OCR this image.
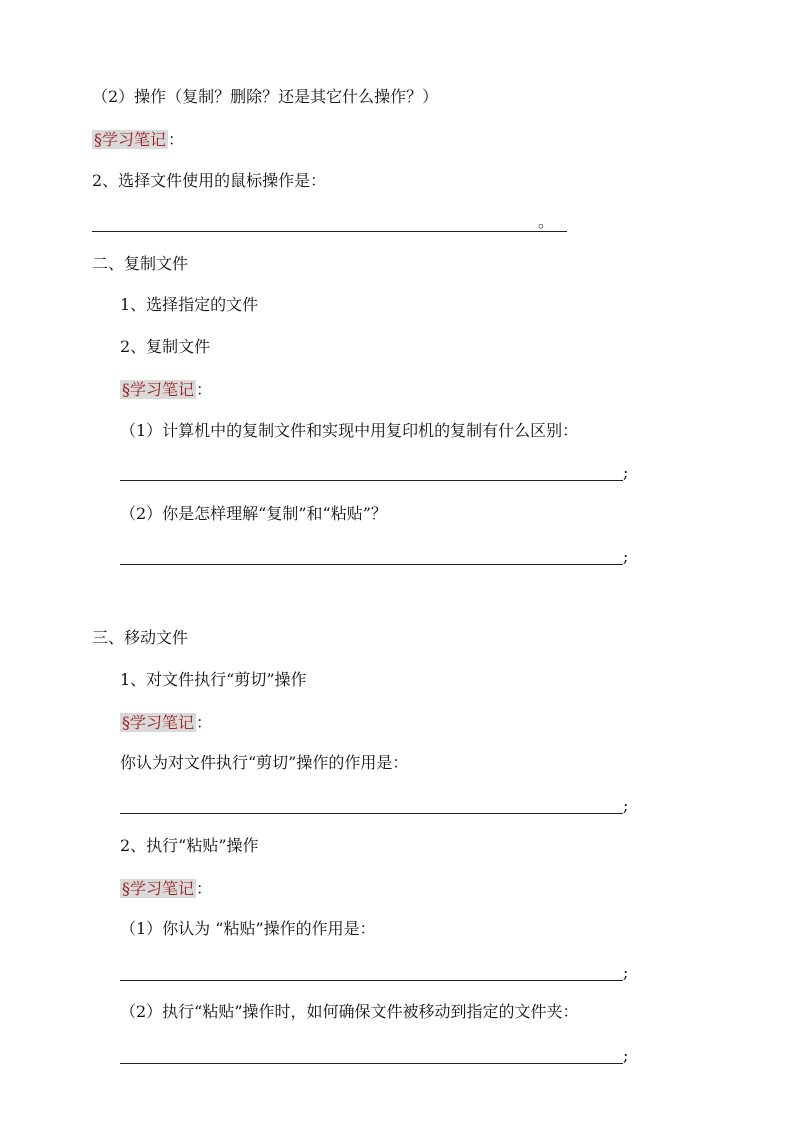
（2）操作（复制？删除？还是其它什么操作？）
§学习笔记 ：
2、选择文件使用的鼠标操作是：
。
二、复制文件
1、选择指定的文件
2、复制文件
§学习笔记 ：
（1）计算机中的复制文件和实现中用复印机的复制有什么区别：
;
（2）你是怎样理解“复制”和“粘贴”？
;
三、移动文件
1、对文件执行“剪切”操作
§学习笔记 ：
你认为对文件执行“剪切”操作的作用是：
;
2、执行“粘贴”操作
§学习笔记 ：
（1）你认为 “粘贴”操作的作用是：
;
（2）执行“粘贴”操作时，如何确保文件被移动到指定的文件夹：
;
